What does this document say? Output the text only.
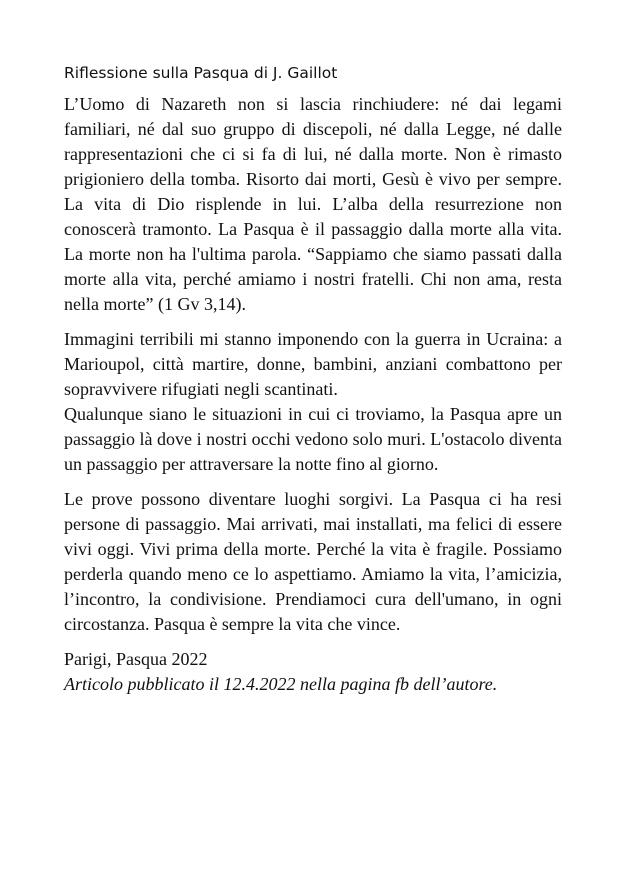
Riflessione sulla Pasqua di J. Gaillot

L’Uomo di Nazareth non si lascia rinchiudere: né dai legami familiari, né dal suo gruppo di discepoli, né dalla Legge, né dalle rappresentazioni che ci si fa di lui, né dalla morte. Non è rimasto prigioniero della tomba. Risorto dai morti, Gesù è vivo per sempre. La vita di Dio risplende in lui. L’alba della resurrezione non conoscerà tramonto. La Pasqua è il passaggio dalla morte alla vita. La morte non ha l'ultima parola. “Sappiamo che siamo passati dalla morte alla vita, perché amiamo i nostri fratelli. Chi non ama, resta nella morte” (1 Gv 3,14).

Immagini terribili mi stanno imponendo con la guerra in Ucraina: a Marioupol, città martire, donne, bambini, anziani combattono per sopravvivere rifugiati negli scantinati.

Qualunque siano le situazioni in cui ci troviamo, la Pasqua apre un passaggio là dove i nostri occhi vedono solo muri. L'ostacolo diventa un passaggio per attraversare la notte fino al giorno.

Le prove possono diventare luoghi sorgivi. La Pasqua ci ha resi persone di passaggio. Mai arrivati, mai installati, ma felici di essere vivi oggi. Vivi prima della morte. Perché la vita è fragile. Possiamo perderla quando meno ce lo aspettiamo. Amiamo la vita, l’amicizia, l’incontro, la condivisione. Prendiamoci cura dell'umano, in ogni circostanza. Pasqua è sempre la vita che vince.

Parigi, Pasqua 2022

Articolo pubblicato il 12.4.2022 nella pagina fb dell’autore.
